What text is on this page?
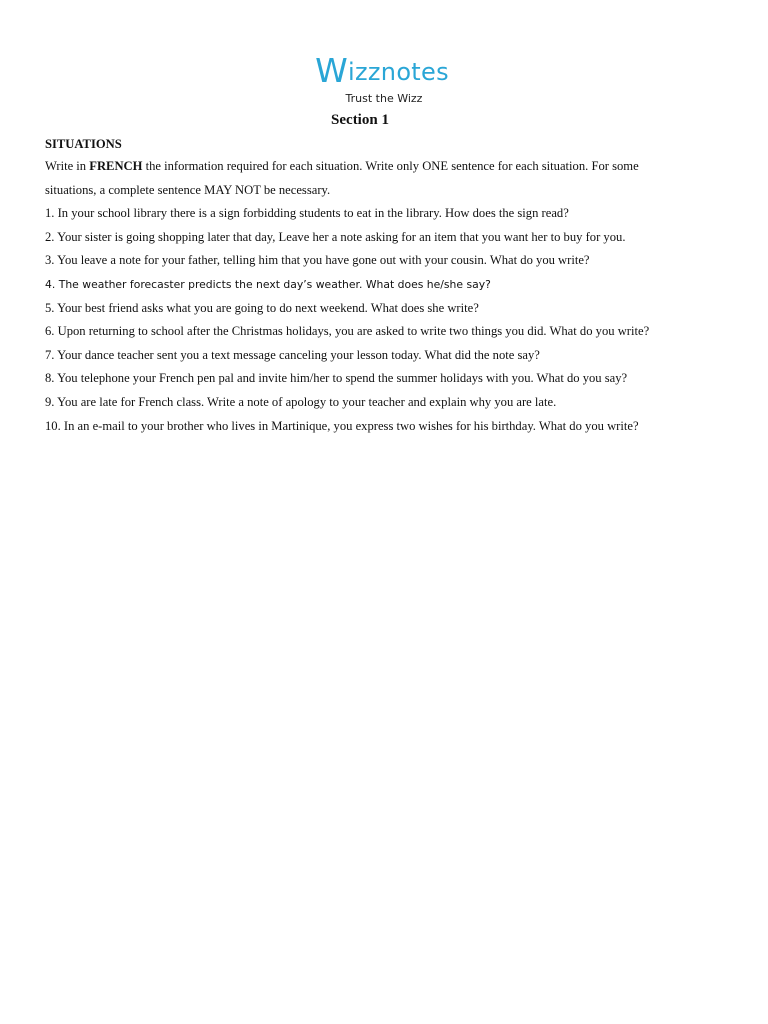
Wizznotes
Trust the Wizz
Section 1
SITUATIONS
Write in FRENCH the information required for each situation. Write only ONE sentence for each situation. For some
situations, a complete sentence MAY NOT be necessary.
1. In your school library there is a sign forbidding students to eat in the library. How does the sign read?
2. Your sister is going shopping later that day, Leave her a note asking for an item that you want her to buy for you.
3. You leave a note for your father, telling him that you have gone out with your cousin. What do you write?
4. The weather forecaster predicts the next day’s weather. What does he/she say?
5. Your best friend asks what you are going to do next weekend. What does she write?
6. Upon returning to school after the Christmas holidays, you are asked to write two things you did. What do you write?
7. Your dance teacher sent you a text message canceling your lesson today. What did the note say?
8. You telephone your French pen pal and invite him/her to spend the summer holidays with you. What do you say?
9. You are late for French class. Write a note of apology to your teacher and explain why you are late.
10. In an e-mail to your brother who lives in Martinique, you express two wishes for his birthday. What do you write?
